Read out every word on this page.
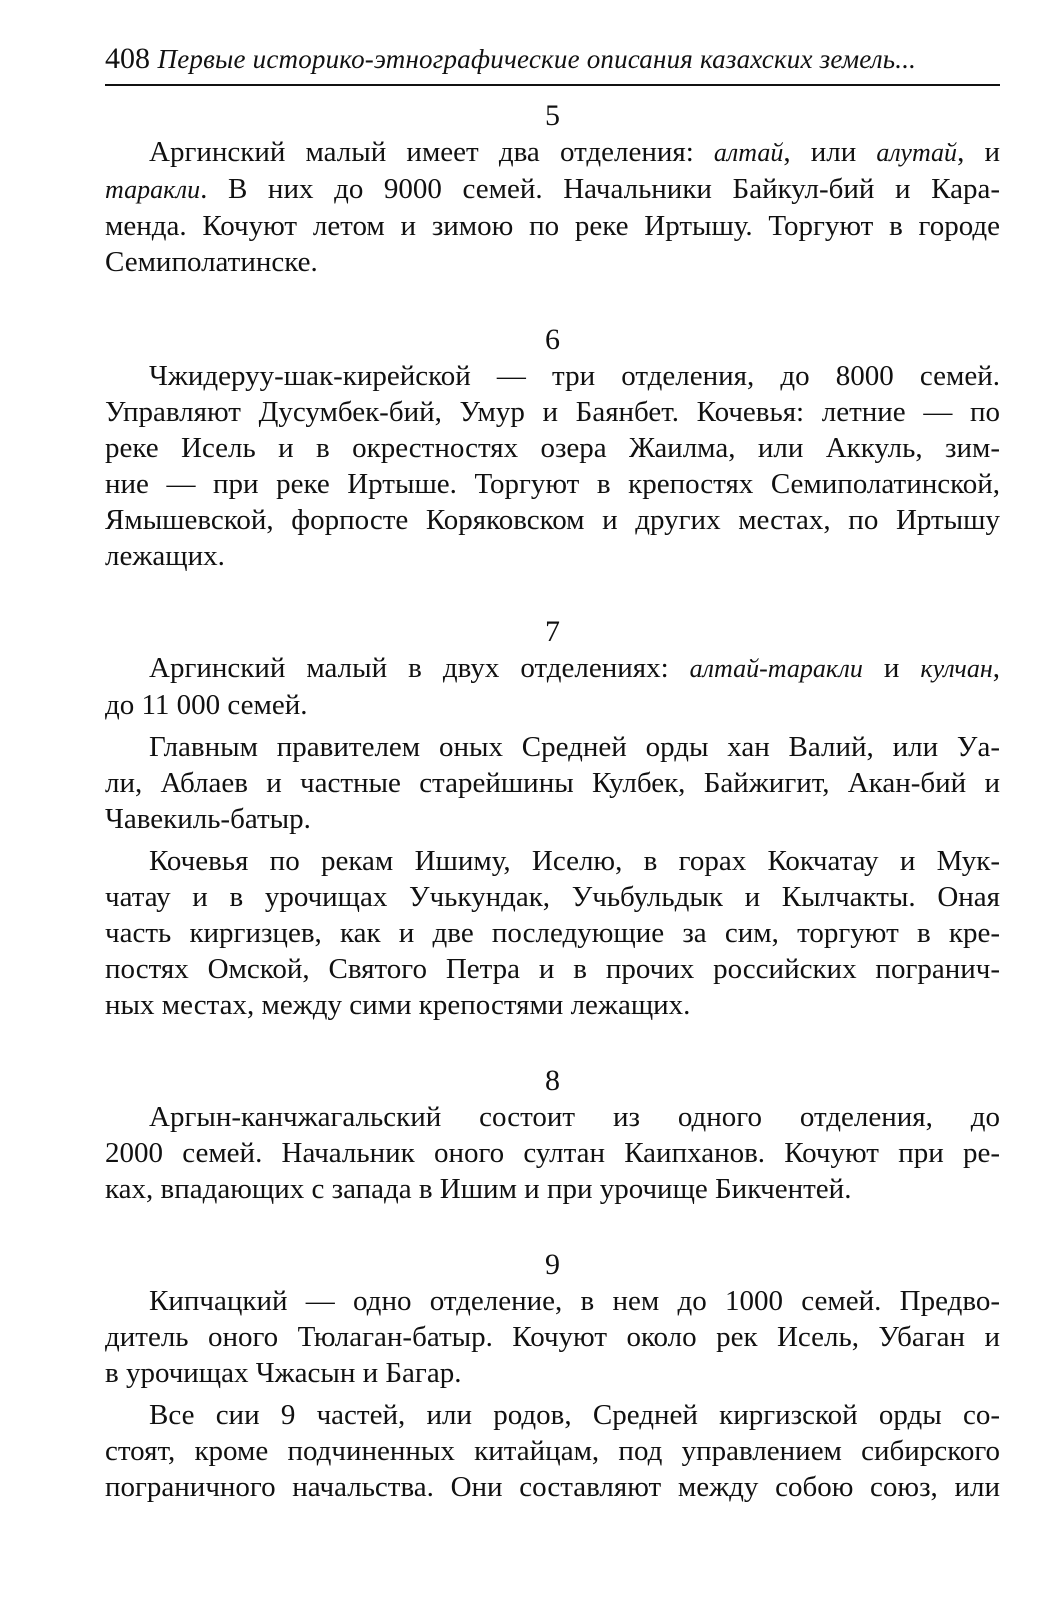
408 Первые историко-этнографические описания казахских земель...
5
Аргинский малый имеет два отделения: алтай, или алутай, и
таракли. В них до 9000 семей. Начальники Байкул-бий и Кара-
менда. Кочуют летом и зимою по реке Иртышу. Торгуют в городе
Семиполатинске.
6
Чжидеруу-шак-кирейской — три отделения, до 8000 семей.
Управляют Дусумбек-бий, Умур и Баянбет. Кочевья: летние — по
реке Исель и в окрестностях озера Жаилма, или Аккуль, зим-
ние — при реке Иртыше. Торгуют в крепостях Семиполатинской,
Ямышевской, форпосте Коряковском и других местах, по Иртышу
лежащих.
7
Аргинский малый в двух отделениях: алтай-таракли и кулчан,
до 11 000 семей.
Главным правителем оных Средней орды хан Валий, или Уа-
ли, Аблаев и частные старейшины Кулбек, Байжигит, Акан-бий и
Чавекиль-батыр.
Кочевья по рекам Ишиму, Иселю, в горах Кокчатау и Мук-
чатау и в урочищах Учькундак, Учьбульдык и Кылчакты. Оная
часть киргизцев, как и две последующие за сим, торгуют в кре-
постях Омской, Святого Петра и в прочих российских погранич-
ных местах, между сими крепостями лежащих.
8
Аргын-канчжагальский состоит из одного отделения, до
2000 семей. Начальник оного султан Каипханов. Кочуют при ре-
ках, впадающих с запада в Ишим и при урочище Бикчентей.
9
Кипчацкий — одно отделение, в нем до 1000 семей. Предво-
дитель оного Тюлаган-батыр. Кочуют около рек Исель, Убаган и
в урочищах Чжасын и Багар.
Все сии 9 частей, или родов, Средней киргизской орды со-
стоят, кроме подчиненных китайцам, под управлением сибирского
пограничного начальства. Они составляют между собою союз, или
